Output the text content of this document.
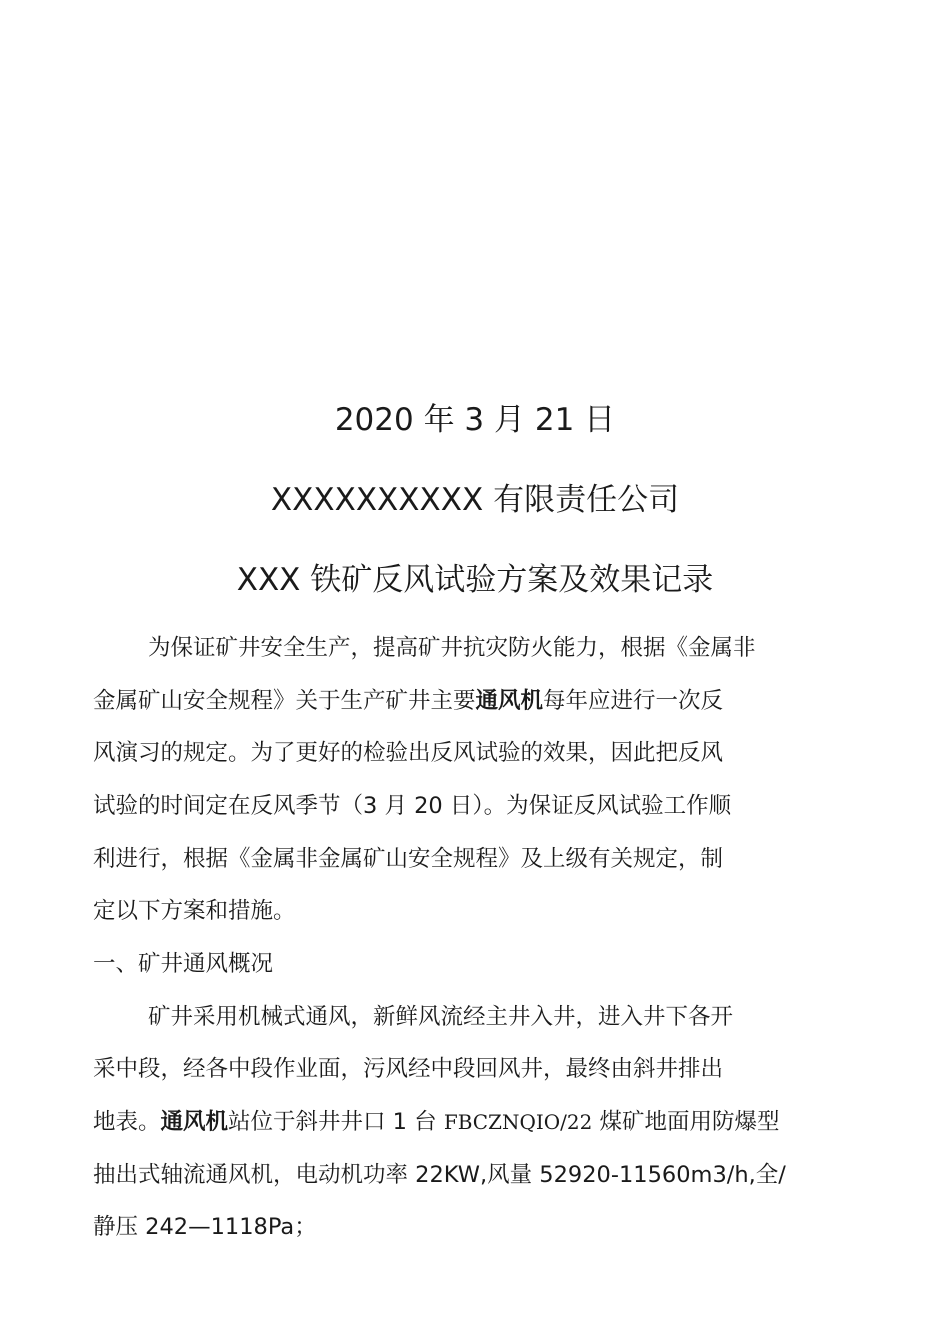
2020 年 3 月 21 日
XXXXXXXXXX 有限责任公司
XXX 铁矿反风试验方案及效果记录
为保证矿井安全生产，提高矿井抗灾防火能力，根据《金属非
金属矿山安全规程》关于生产矿井主要通风机每年应进行一次反
风演习的规定。为了更好的检验出反风试验的效果，因此把反风
试验的时间定在反风季节（3 月 20 日）。为保证反风试验工作顺
利进行，根据《金属非金属矿山安全规程》及上级有关规定，制
定以下方案和措施。
一、矿井通风概况
矿井采用机械式通风，新鲜风流经主井入井，进入井下各开
采中段，经各中段作业面，污风经中段回风井，最终由斜井排出
地表。通风机站位于斜井井口 1 台 FBCZNQIO/22 煤矿地面用防爆型
抽出式轴流通风机，电动机功率 22KW,风量 52920-11560m3/h,全/
静压 242—1118Pa；
